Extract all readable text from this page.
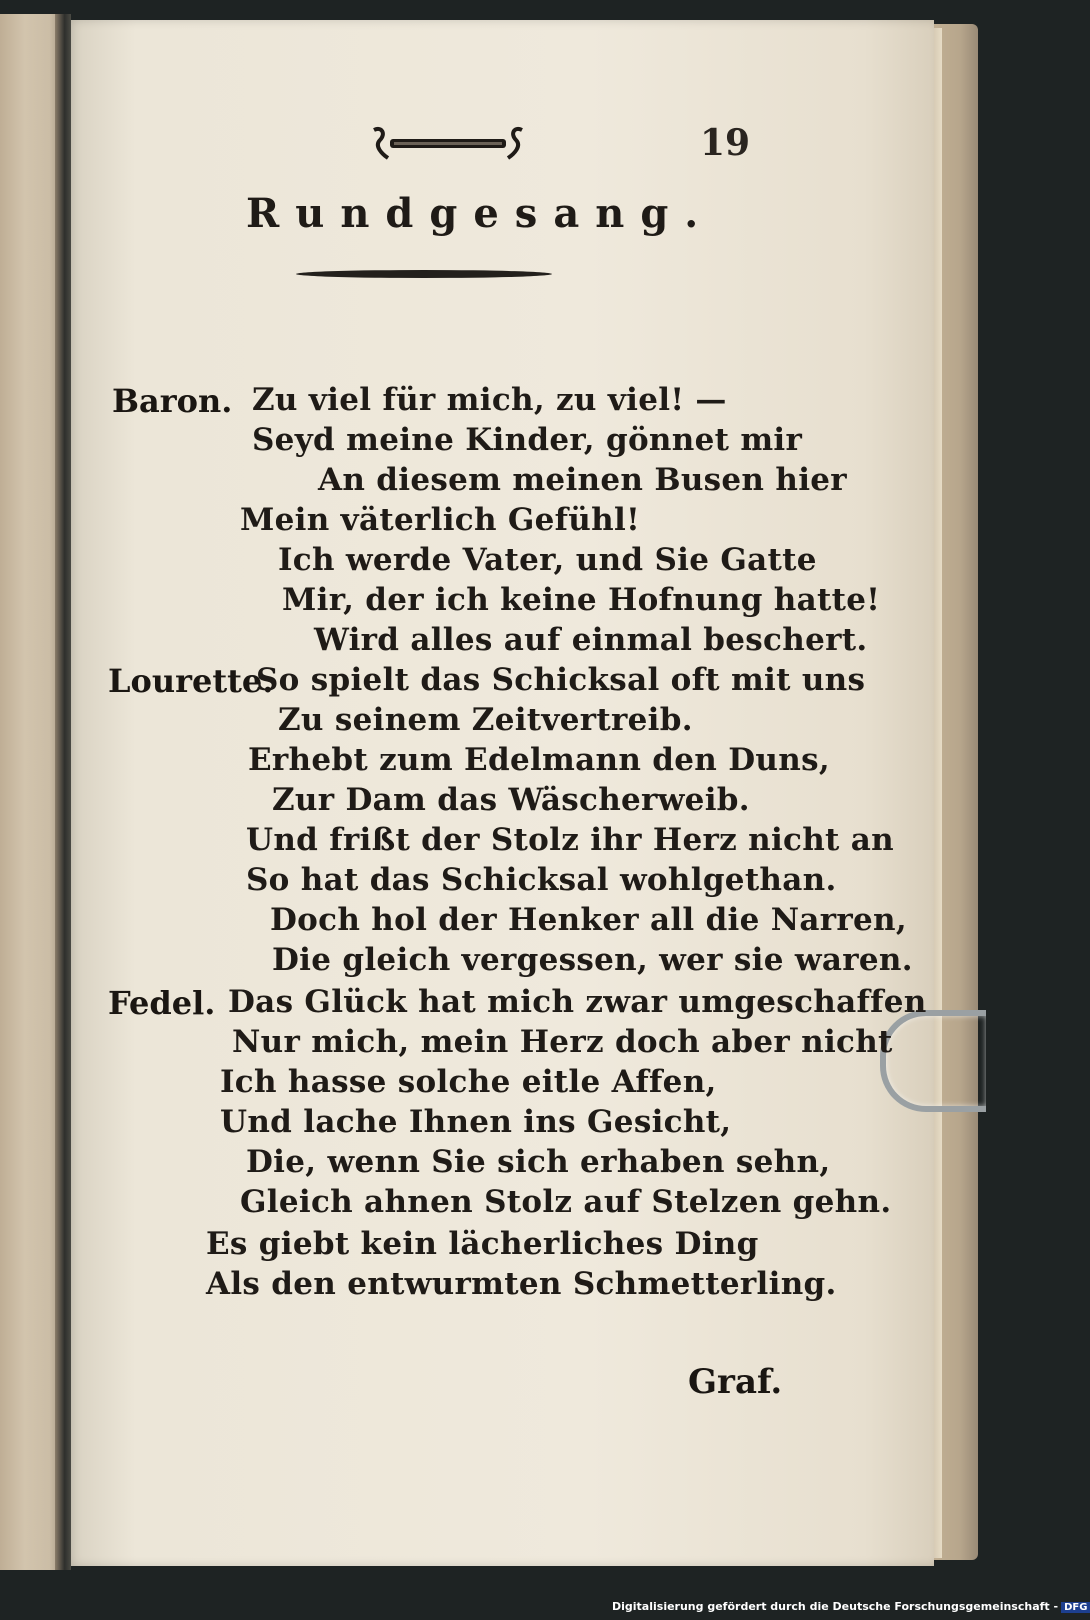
19
Rundgesang.
Baron. Zu viel für mich, zu viel! —
Seyd meine Kinder, gönnet mir
An diesem meinen Busen hier
Mein väterlich Gefühl!
Ich werde Vater, und Sie Gatte
Mir, der ich keine Hofnung hatte!
Wird alles auf einmal beschert.
Lourette.
So spielt das Schicksal oft mit uns
Zu seinem Zeitvertreib.
Erhebt zum Edelmann den Duns,
Zur Dam das Wäscherweib.
Und frißt der Stolz ihr Herz nicht an
So hat das Schicksal wohlgethan.
Doch hol der Henker all die Narren,
Die gleich vergessen, wer sie waren.
Fedel. Das Glück hat mich zwar umgeschaffen
Nur mich, mein Herz doch aber nicht
Ich hasse solche eitle Affen,
Und lache Ihnen ins Gesicht,
Die, wenn Sie sich erhaben sehn,
Gleich ahnen Stolz auf Stelzen gehn.
Es giebt kein lächerliches Ding
Als den entwurmten Schmetterling.
Graf.
Digitalisierung gefördert durch die Deutsche Forschungsgemeinschaft - DFG
